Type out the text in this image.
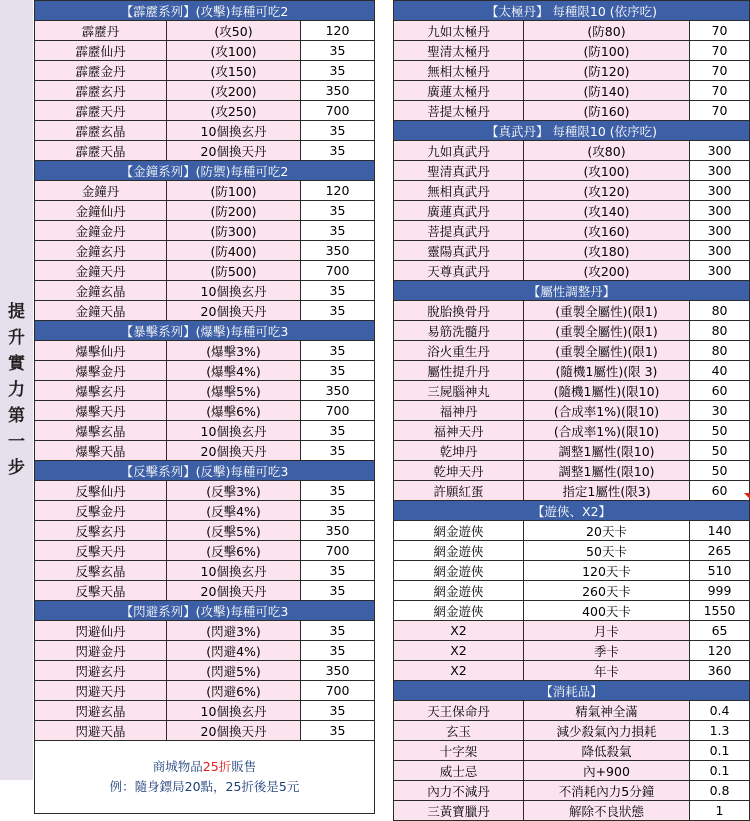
提
升
實
力
第
一
步
【霹靂系列】(攻擊)每種可吃2		
霹靂丹	(攻50)	120
霹靂仙丹	(攻100)	35
霹靂金丹	(攻150)	35
霹靂玄丹	(攻200)	350
霹靂天丹	(攻250)	700
霹靂玄晶	10個換玄丹	35
霹靂天晶	20個換天丹	35
【金鐘系列】(防禦)每種可吃2		
金鐘丹	(防100)	120
金鐘仙丹	(防200)	35
金鐘金丹	(防300)	35
金鐘玄丹	(防400)	350
金鐘天丹	(防500)	700
金鐘玄晶	10個換玄丹	35
金鐘天晶	20個換天丹	35
【暴擊系列】(爆擊)每種可吃3		
爆擊仙丹	(爆擊3%)	35
爆擊金丹	(爆擊4%)	35
爆擊玄丹	(爆擊5%)	350
爆擊天丹	(爆擊6%)	700
爆擊玄晶	10個換玄丹	35
爆擊天晶	20個換天丹	35
【反擊系列】(反擊)每種可吃3		
反擊仙丹	(反擊3%)	35
反擊金丹	(反擊4%)	35
反擊玄丹	(反擊5%)	350
反擊天丹	(反擊6%)	700
反擊玄晶	10個換玄丹	35
反擊天晶	20個換天丹	35
【閃避系列】(攻擊)每種可吃3		
閃避仙丹	(閃避3%)	35
閃避金丹	(閃避4%)	35
閃避玄丹	(閃避5%)	350
閃避天丹	(閃避6%)	700
閃避玄晶	10個換玄丹	35
閃避天晶	20個換天丹	35

商城物品25折販售
例：隨身鏢局20點，25折後是5元		
【太極丹】 每種限10 (依序吃)		
九如太極丹	(防80)	70
聖清太極丹	(防100)	70
無相太極丹	(防120)	70
廣蓮太極丹	(防140)	70
菩提太極丹	(防160)	70
【真武丹】 每種限10 (依序吃)		
九如真武丹	(攻80)	300
聖清真武丹	(攻100)	300
無相真武丹	(攻120)	300
廣蓮真武丹	(攻140)	300
菩提真武丹	(攻160)	300
靈陽真武丹	(攻180)	300
天尊真武丹	(攻200)	300
【屬性調整丹】		
脫胎換骨丹	(重製全屬性)(限1)	80
易筋洗髓丹	(重製全屬性)(限1)	80
浴火重生丹	(重製全屬性)(限1)	80
屬性提升丹	(隨機1屬性)(限 3)	40
三屍腦神丸	(隨機1屬性)(限10)	60
福神丹	(合成率1%)(限10)	30
福神天丹	(合成率1%)(限10)	50
乾坤丹	調整1屬性(限10)	50
乾坤天丹	調整1屬性(限10)	50
許願紅蛋	指定1屬性(限3)	60
【遊俠、X2】		
網金遊俠	20天卡	140
網金遊俠	50天卡	265
網金遊俠	120天卡	510
網金遊俠	260天卡	999
網金遊俠	400天卡	1550
X2	月卡	65
X2	季卡	120
X2	年卡	360
【消耗品】		
天王保命丹	精氣神全滿	0.4
玄玉	減少殺氣內力損耗	1.3
十字架	降低殺氣	0.1
威士忌	內+900	0.1
內力不減丹	不消耗內力5分鐘	0.8
三黃寶臘丹	解除不良狀態	1
